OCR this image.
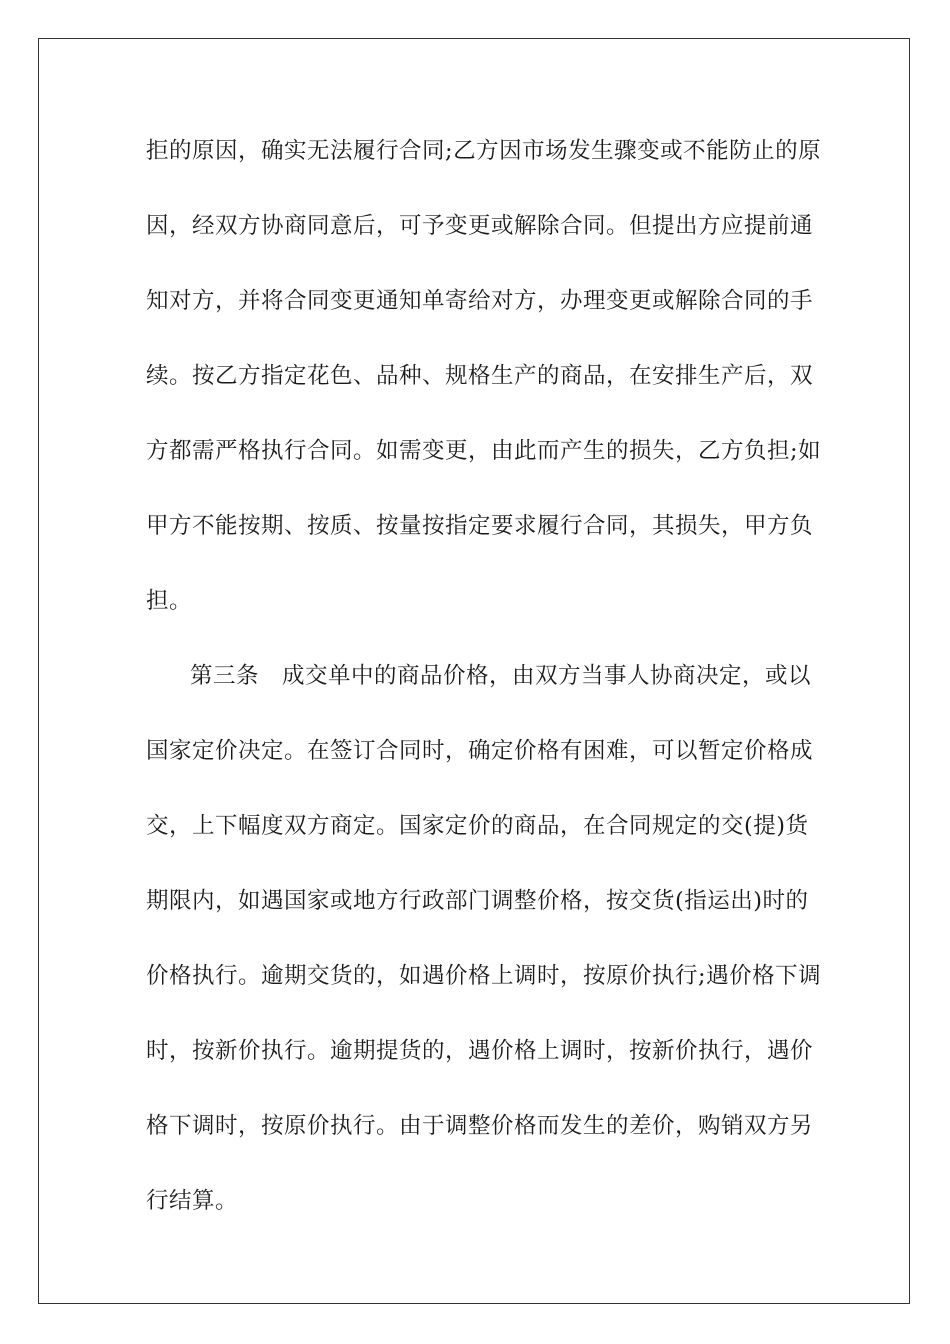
拒的原因，确实无法履行合同;乙方因市场发生骤变或不能防止的原
因，经双方协商同意后，可予变更或解除合同。但提出方应提前通
知对方，并将合同变更通知单寄给对方，办理变更或解除合同的手
续。按乙方指定花色、品种、规格生产的商品，在安排生产后，双
方都需严格执行合同。如需变更，由此而产生的损失，乙方负担;如
甲方不能按期、按质、按量按指定要求履行合同，其损失，甲方负
担。
第三条　成交单中的商品价格，由双方当事人协商决定，或以
国家定价决定。在签订合同时，确定价格有困难，可以暂定价格成
交，上下幅度双方商定。国家定价的商品，在合同规定的交(提)货
期限内，如遇国家或地方行政部门调整价格，按交货(指运出)时的
价格执行。逾期交货的，如遇价格上调时，按原价执行;遇价格下调
时，按新价执行。逾期提货的，遇价格上调时，按新价执行，遇价
格下调时，按原价执行。由于调整价格而发生的差价，购销双方另
行结算。
